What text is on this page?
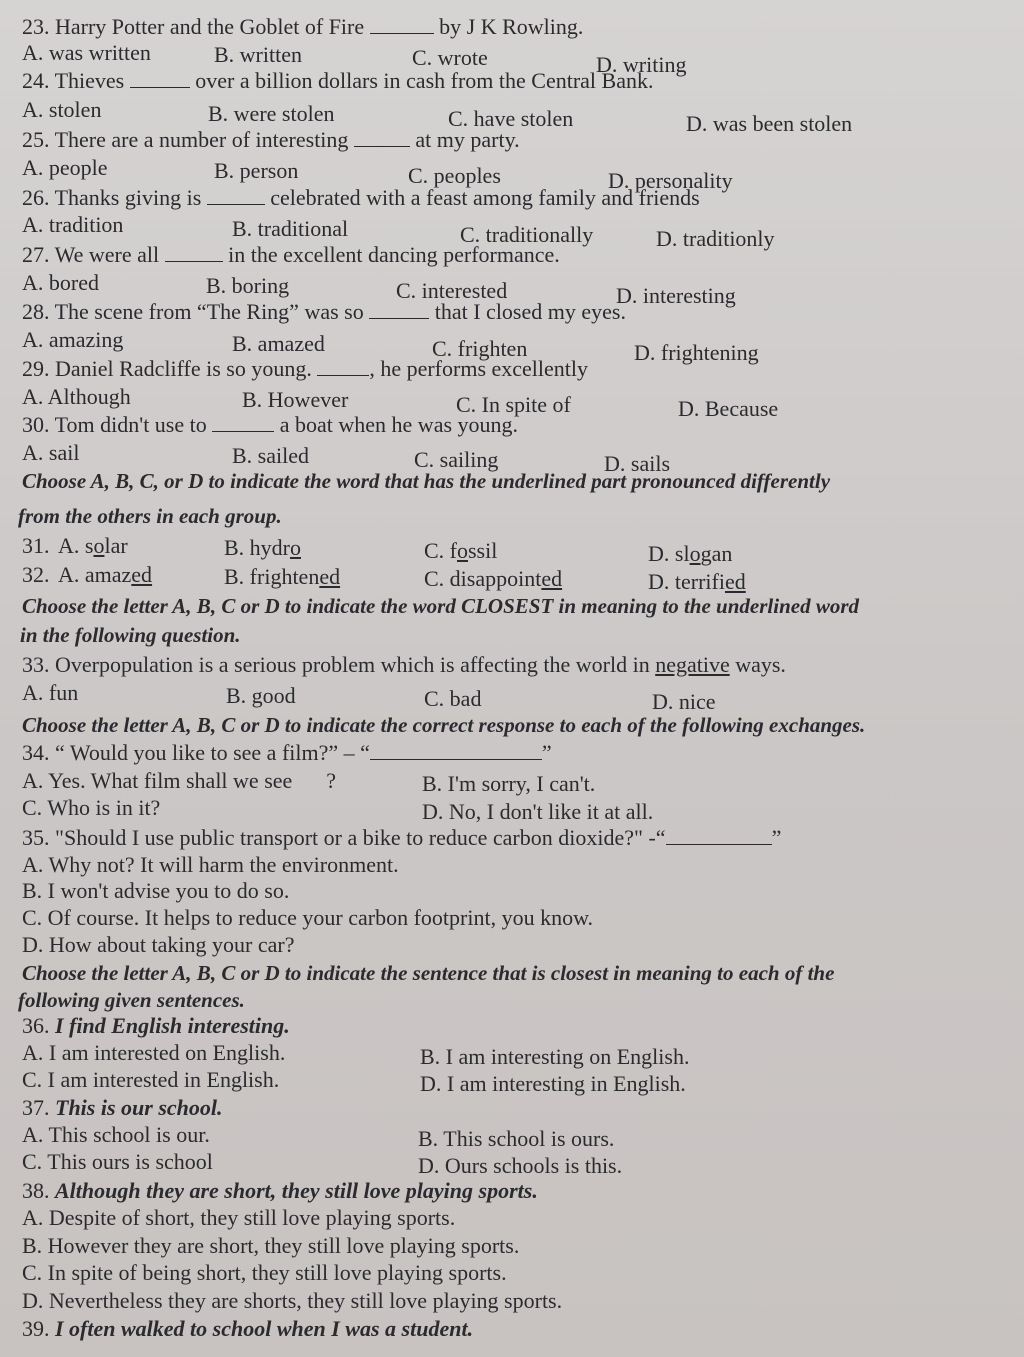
23. Harry Potter and the Goblet of Fire	by J K Rowling.
A. was written	B. written	C. wrote	D. writing
24. Thieves	over a billion dollars in cash from the Central Bank.
A. stolen	B. were stolen	C. have stolen	D. was been stolen
25. There are a number of interesting	at my party.
A. people	B. person	C. peoples	D. personality
26. Thanks giving is	celebrated with a feast among family and friends
A. tradition	B. traditional	C. traditionally	D. traditionly
27. We were all	in the excellent dancing performance.
A. bored	B. boring	C. interested	D. interesting
28. The scene from “The Ring” was so	that I closed my eyes.
A. amazing	B. amazed	C. frighten	D. frightening
29. Daniel Radcliffe is so young.	, he performs excellently
A. Although	B. However	C. In spite of	D. Because
30. Tom didn't use to	a boat when he was young.
A. sail	B. sailed	C. sailing	D. sails
Choose A, B, C, or D to indicate the word that has the underlined part pronounced differently
from the others in each group.
31. A. solar	B. hydro	C. fossil	D. slogan
32. A. amazed	B. frightened	C. disappointed	D. terrified
Choose the letter A, B, C or D to indicate the word CLOSEST in meaning to the underlined word
in the following question.
33. Overpopulation is a serious problem which is affecting the world in negative ways.
A. fun	B. good	C. bad	D. nice
Choose the letter A, B, C or D to indicate the correct response to each of the following exchanges.
34. “ Would you like to see a film?” – “	”
A. Yes. What film shall we see ?	B. I'm sorry, I can't.
C. Who is in it?	D. No, I don't like it at all.
35. "Should I use public transport or a bike to reduce carbon dioxide?" -“	”
A. Why not? It will harm the environment.
B. I won't advise you to do so.
C. Of course. It helps to reduce your carbon footprint, you know.
D. How about taking your car?
Choose the letter A, B, C or D to indicate the sentence that is closest in meaning to each of the
following given sentences.
36. I find English interesting.
A. I am interested on English.	B. I am interesting on English.
C. I am interested in English.	D. I am interesting in English.
37. This is our school.
A. This school is our.	B. This school is ours.
C. This ours is school	D. Ours schools is this.
38. Although they are short, they still love playing sports.
A. Despite of short, they still love playing sports.
B. However they are short, they still love playing sports.
C. In spite of being short, they still love playing sports.
D. Nevertheless they are shorts, they still love playing sports.
39. I often walked to school when I was a student.
